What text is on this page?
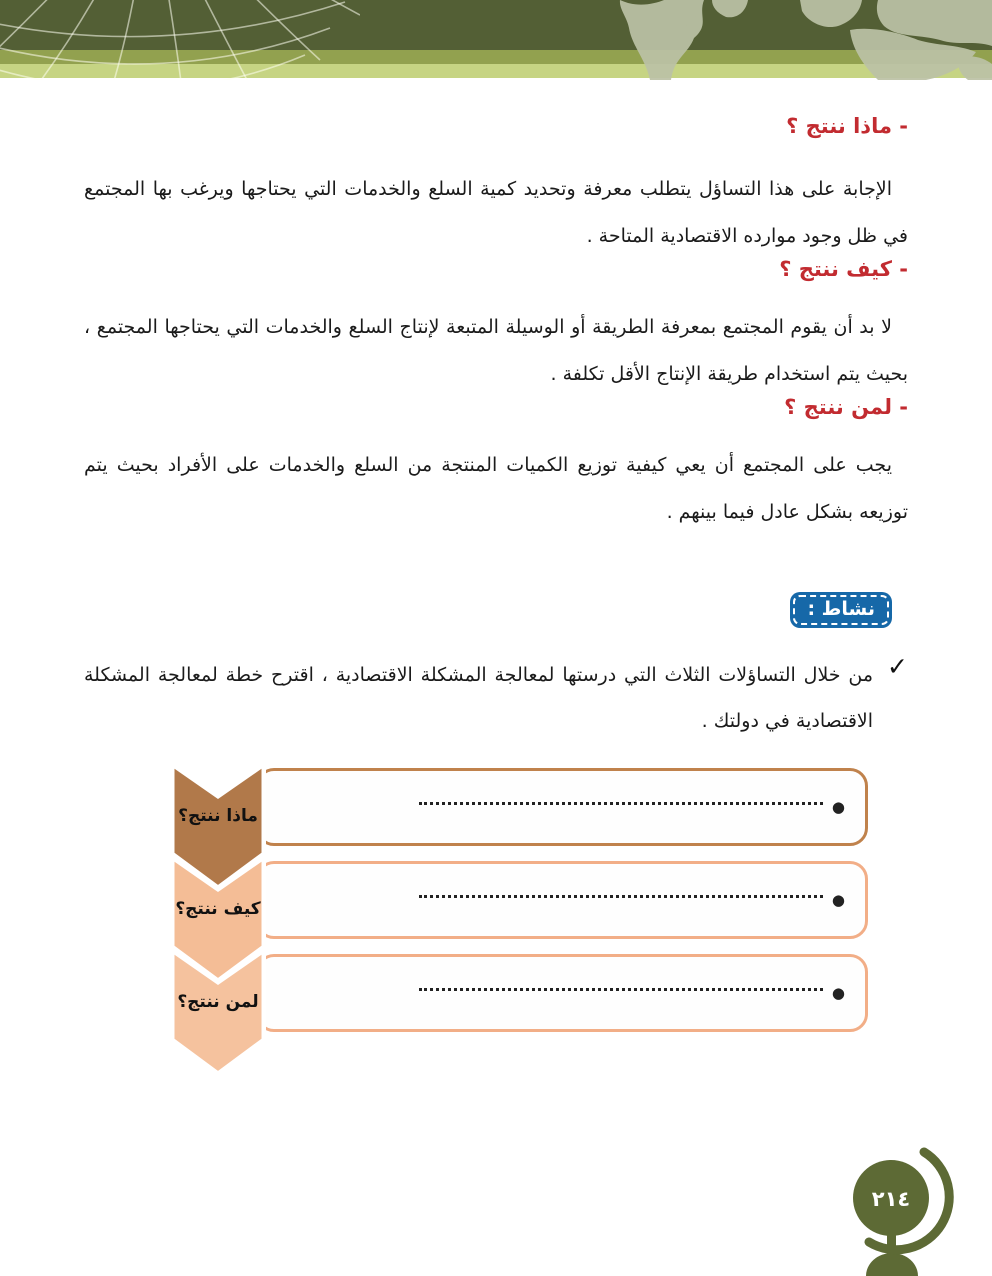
- ماذا ننتج ؟

الإجابة على هذا التساؤل يتطلب معرفة وتحديد كمية السلع والخدمات التي يحتاجها ويرغب بها المجتمع في ظل وجود موارده الاقتصادية المتاحة .

- كيف ننتج ؟

لا بد أن يقوم المجتمع بمعرفة الطريقة أو الوسيلة المتبعة لإنتاج السلع والخدمات التي يحتاجها المجتمع ، بحيث يتم استخدام طريقة الإنتاج الأقل تكلفة .

- لمن ننتج ؟

يجب على المجتمع أن يعي كيفية توزيع الكميات المنتجة من السلع والخدمات على الأفراد بحيث يتم توزيعه بشكل عادل فيما بينهم .

نشاط :
✓
من خلال التساؤلات الثلاث التي درستها لمعالجة المشكلة الاقتصادية ، اقترح خطة لمعالجة المشكلة الاقتصادية في دولتك .
●
●
●
ماذا ننتج؟
كيف ننتج؟
لمن ننتج؟
٢١٤
